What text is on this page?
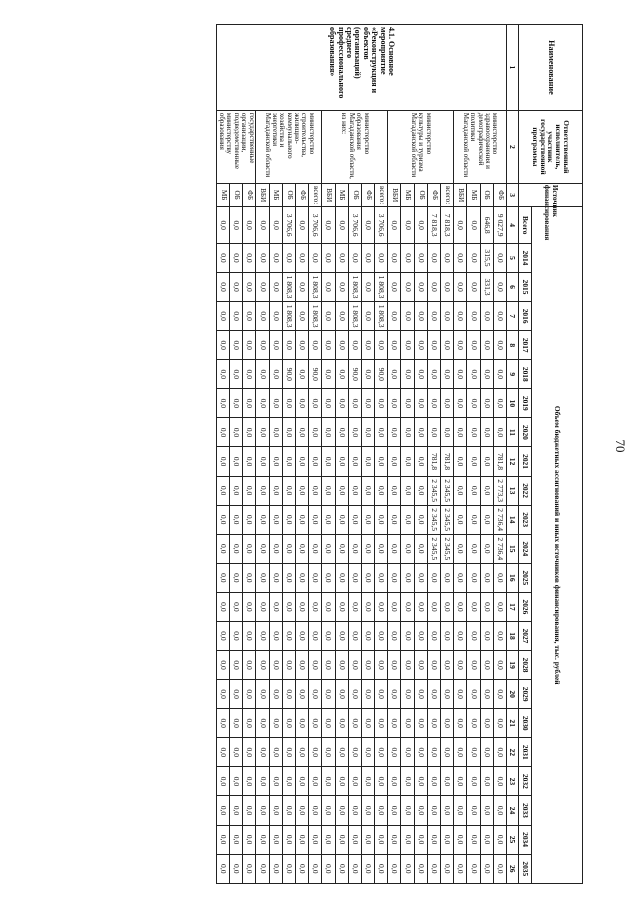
70
Наименование	Ответственный исполнитель, участник государственной программы	Источник финансирования	Объем бюджетных ассигнований и иных источников финансирования, тыс. рублей																						
			Всего	2014	2015	2016	2017	2018	2019	2020	2021	2022	2023	2024	2025	2026	2027	2028	2029	2030	2031	2032	2033	2034	2035
1	2	3	4	5	6	7	8	9	10	11	12	13	14	15	16	17	18	19	20	21	22	23	24	25	26
4.1. Основное мероприятие «Реконструкция и объектов (организаций) среднего профессионального образования»	министерство здравоохранения и демографической политики Магаданской области	ФБ	9 027,9	0,0	0,0	0,0	0,0	0,0	0,0	0,0	781,8	2 773,3	2 736,4	2 736,4	0,0	0,0	0,0	0,0	0,0	0,0	0,0	0,0	0,0	0,0	0,0
		ОБ	646,8	315,5	331,3	0,0	0,0	0,0	0,0	0,0	0,0	0,0	0,0	0,0	0,0	0,0	0,0	0,0	0,0	0,0	0,0	0,0	0,0	0,0	0,0
		МБ	0,0	0,0	0,0	0,0	0,0	0,0	0,0	0,0	0,0	0,0	0,0	0,0	0,0	0,0	0,0	0,0	0,0	0,0	0,0	0,0	0,0	0,0	0,0
		ВБИ	0,0	0,0	0,0	0,0	0,0	0,0	0,0	0,0	0,0	0,0	0,0	0,0	0,0	0,0	0,0	0,0	0,0	0,0	0,0	0,0	0,0	0,0	0,0
	министерство культуры и туризма Магаданской области	всего:	7 818,3	0,0	0,0	0,0	0,0	0,0	0,0	0,0	781,8	2 345,5	2 345,5	2 345,5	0,0	0,0	0,0	0,0	0,0	0,0	0,0	0,0	0,0	0,0	0,0
		ФБ	7 818,3	0,0	0,0	0,0	0,0	0,0	0,0	0,0	781,8	2 345,5	2 345,5	2 345,5	0,0	0,0	0,0	0,0	0,0	0,0	0,0	0,0	0,0	0,0	0,0
		ОБ	0,0	0,0	0,0	0,0	0,0	0,0	0,0	0,0	0,0	0,0	0,0	0,0	0,0	0,0	0,0	0,0	0,0	0,0	0,0	0,0	0,0	0,0	0,0
		МБ	0,0	0,0	0,0	0,0	0,0	0,0	0,0	0,0	0,0	0,0	0,0	0,0	0,0	0,0	0,0	0,0	0,0	0,0	0,0	0,0	0,0	0,0	0,0
		ВБИ	0,0	0,0	0,0	0,0	0,0	0,0	0,0	0,0	0,0	0,0	0,0	0,0	0,0	0,0	0,0	0,0	0,0	0,0	0,0	0,0	0,0	0,0	0,0
	министерство образования Магаданской области, из них:	всего:	3 706,6	0,0	1 808,3	1 808,3	0,0	90,0	0,0	0,0	0,0	0,0	0,0	0,0	0,0	0,0	0,0	0,0	0,0	0,0	0,0	0,0	0,0	0,0	0,0
		ФБ	0,0	0,0	0,0	0,0	0,0	0,0	0,0	0,0	0,0	0,0	0,0	0,0	0,0	0,0	0,0	0,0	0,0	0,0	0,0	0,0	0,0	0,0	0,0
		ОБ	3 706,6	0,0	1 808,3	1 808,3	0,0	90,0	0,0	0,0	0,0	0,0	0,0	0,0	0,0	0,0	0,0	0,0	0,0	0,0	0,0	0,0	0,0	0,0	0,0
		МБ	0,0	0,0	0,0	0,0	0,0	0,0	0,0	0,0	0,0	0,0	0,0	0,0	0,0	0,0	0,0	0,0	0,0	0,0	0,0	0,0	0,0	0,0	0,0
		ВБИ	0,0	0,0	0,0	0,0	0,0	0,0	0,0	0,0	0,0	0,0	0,0	0,0	0,0	0,0	0,0	0,0	0,0	0,0	0,0	0,0	0,0	0,0	0,0
	министерство строительства, жилищно-коммунального хозяйства и энергетики Магаданской области	всего:	3 706,6	0,0	1 808,3	1 808,3	0,0	90,0	0,0	0,0	0,0	0,0	0,0	0,0	0,0	0,0	0,0	0,0	0,0	0,0	0,0	0,0	0,0	0,0	0,0
		ФБ	0,0	0,0	0,0	0,0	0,0	0,0	0,0	0,0	0,0	0,0	0,0	0,0	0,0	0,0	0,0	0,0	0,0	0,0	0,0	0,0	0,0	0,0	0,0
		ОБ	3 706,6	0,0	1 808,3	1 808,3	0,0	90,0	0,0	0,0	0,0	0,0	0,0	0,0	0,0	0,0	0,0	0,0	0,0	0,0	0,0	0,0	0,0	0,0	0,0
		МБ	0,0	0,0	0,0	0,0	0,0	0,0	0,0	0,0	0,0	0,0	0,0	0,0	0,0	0,0	0,0	0,0	0,0	0,0	0,0	0,0	0,0	0,0	0,0
		ВБИ	0,0	0,0	0,0	0,0	0,0	0,0	0,0	0,0	0,0	0,0	0,0	0,0	0,0	0,0	0,0	0,0	0,0	0,0	0,0	0,0	0,0	0,0	0,0
	государственные организации, подведомственные министерству образования	ФБ	0,0	0,0	0,0	0,0	0,0	0,0	0,0	0,0	0,0	0,0	0,0	0,0	0,0	0,0	0,0	0,0	0,0	0,0	0,0	0,0	0,0	0,0	0,0
		ОБ	0,0	0,0	0,0	0,0	0,0	0,0	0,0	0,0	0,0	0,0	0,0	0,0	0,0	0,0	0,0	0,0	0,0	0,0	0,0	0,0	0,0	0,0	0,0
		МБ	0,0	0,0	0,0	0,0	0,0	0,0	0,0	0,0	0,0	0,0	0,0	0,0	0,0	0,0	0,0	0,0	0,0	0,0	0,0	0,0	0,0	0,0	0,0
